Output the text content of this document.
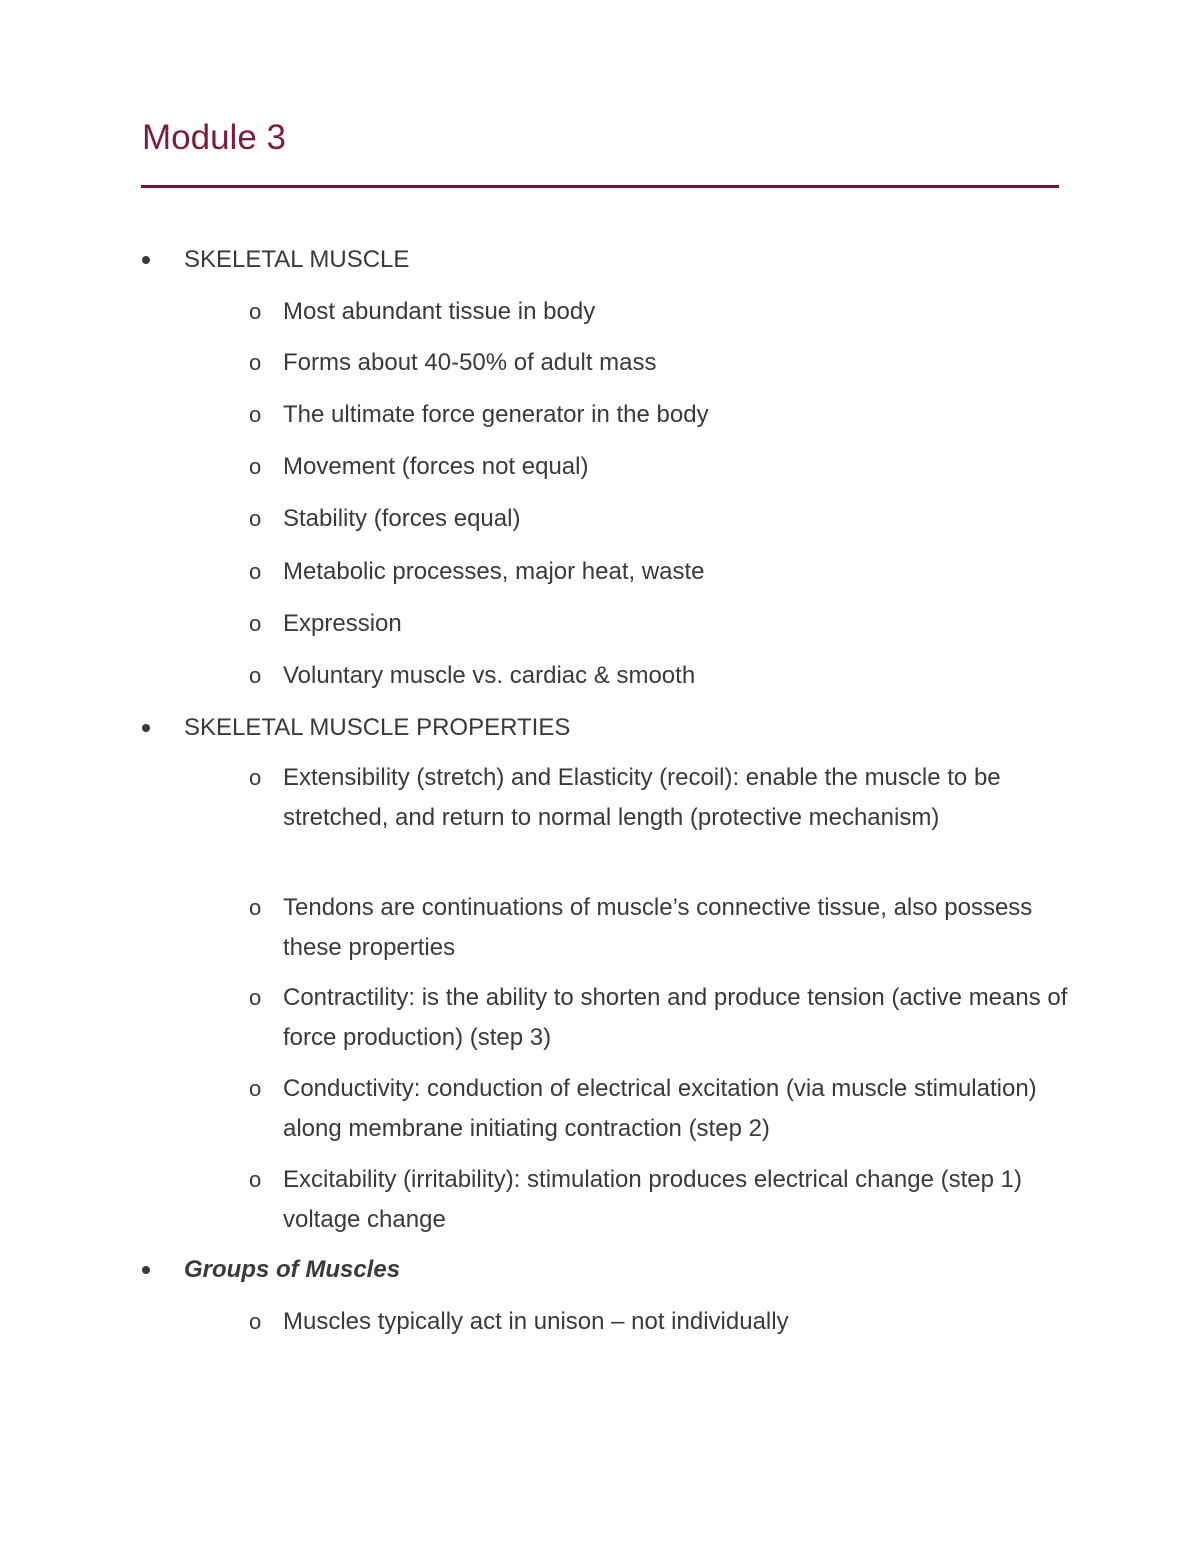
Module 3
SKELETAL MUSCLE
o Most abundant tissue in body
o Forms about 40-50% of adult mass
o The ultimate force generator in the body
o Movement (forces not equal)
o Stability (forces equal)
o Metabolic processes, major heat, waste
o Expression
o Voluntary muscle vs. cardiac & smooth
SKELETAL MUSCLE PROPERTIES
o Extensibility (stretch) and Elasticity (recoil): enable the muscle to be stretched, and return to normal length (protective mechanism)
o Tendons are continuations of muscle’s connective tissue, also possess these properties
o Contractility: is the ability to shorten and produce tension (active means of force production) (step 3)
o Conductivity: conduction of electrical excitation (via muscle stimulation) along membrane initiating contraction (step 2)
o Excitability (irritability): stimulation produces electrical change (step 1) voltage change
Groups of Muscles
o Muscles typically act in unison – not individually
